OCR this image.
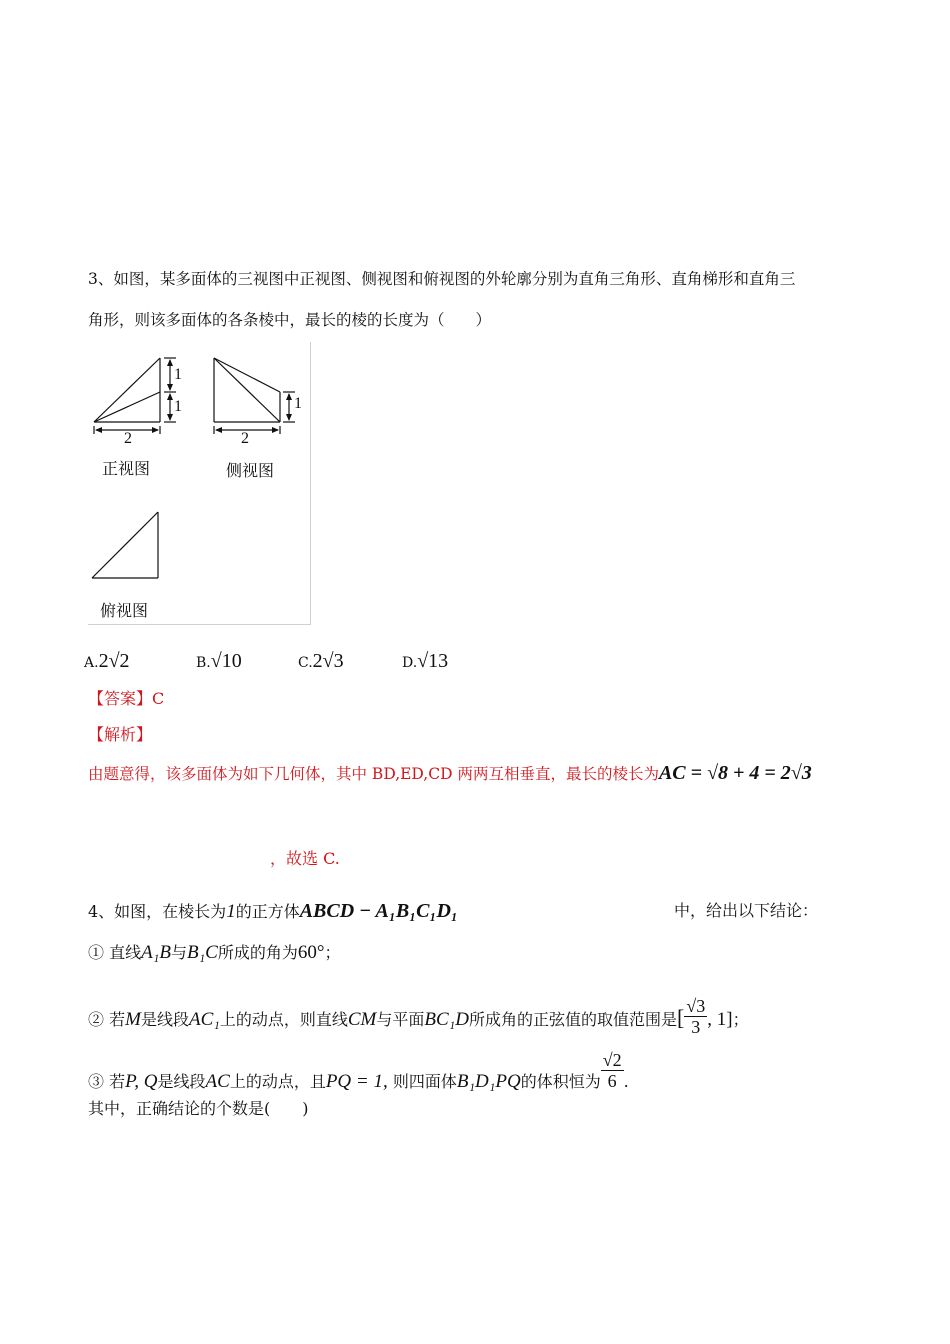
3、如图，某多面体的三视图中正视图、侧视图和俯视图的外轮廓分别为直角三角形、直角梯形和直角三
角形，则该多面体的各条棱中，最长的棱的长度为（　　）
1
1
2
1
2
正视图	侧视图
俯视图
A.2√2	B.√10	C.2√3	D.√13
【答案】C
【解析】
由题意得，该多面体为如下几何体，其中 BD,ED,CD 两两互相垂直，最长的棱长为AC = √8 + 4 = 2√3
，故选 C.
4、如图，在棱长为1的正方体ABCD − A₁B₁C₁D₁	中，给出以下结论：
① 直线A₁B与B₁C所成的角为60°；
② 若M是线段AC₁上的动点，则直线CM与平面BC₁D所成角的正弦值的取值范围是[ $\frac{√3}{3}$ , 1]；
③ 若P, Q是线段AC上的动点，且PQ = 1, 则四面体B₁D₁PQ的体积恒为 $\frac{√2}{6}$ .
其中，正确结论的个数是(　　)
